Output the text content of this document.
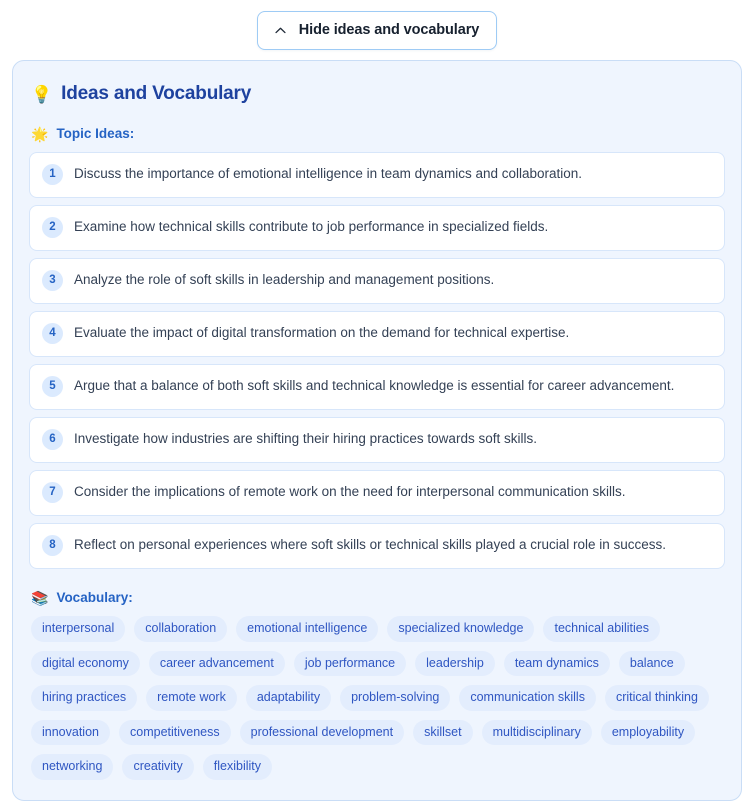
Hide ideas and vocabulary
💡 Ideas and Vocabulary
🌟 Topic Ideas:
1	Discuss the importance of emotional intelligence in team dynamics and collaboration.
2	Examine how technical skills contribute to job performance in specialized fields.
3	Analyze the role of soft skills in leadership and management positions.
4	Evaluate the impact of digital transformation on the demand for technical expertise.
5	Argue that a balance of both soft skills and technical knowledge is essential for career advancement.
6	Investigate how industries are shifting their hiring practices towards soft skills.
7	Consider the implications of remote work on the need for interpersonal communication skills.
8	Reflect on personal experiences where soft skills or technical skills played a crucial role in success.
📚 Vocabulary:
interpersonal	collaboration	emotional intelligence	specialized knowledge	technical abilities
digital economy	career advancement	job performance	leadership	team dynamics	balance
hiring practices	remote work	adaptability	problem-solving	communication skills	critical thinking
innovation	competitiveness	professional development	skillset	multidisciplinary	employability
networking	creativity	flexibility
